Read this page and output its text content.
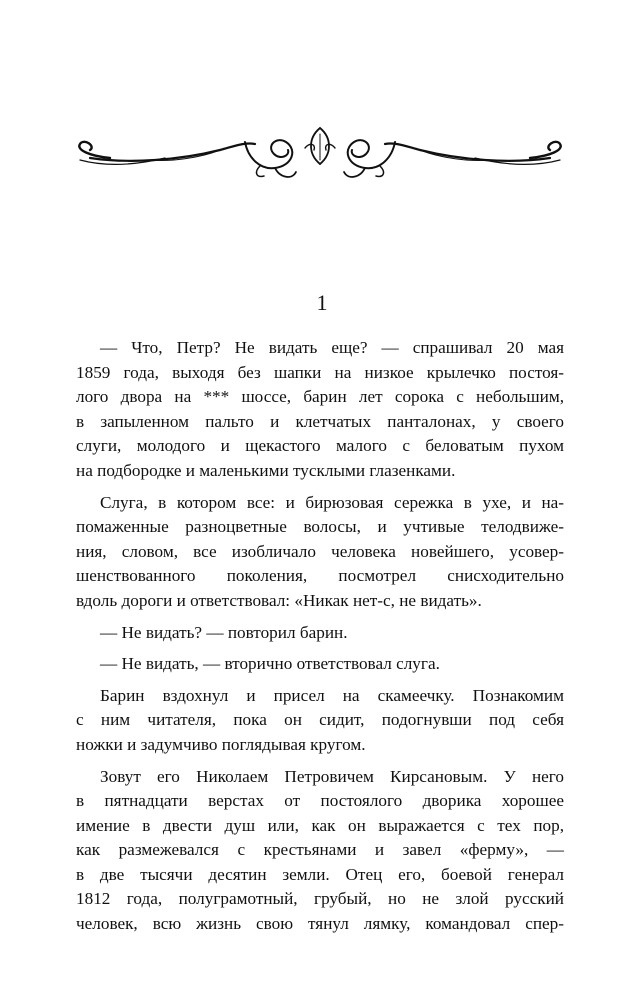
1
— Что, Петр? Не видать еще? — спрашивал 20 мая
1859 года, выходя без шапки на низкое крылечко постоя-
лого двора на *** шоссе, барин лет сорока с небольшим,
в запыленном пальто и клетчатых панталонах, у своего
слуги, молодого и щекастого малого с беловатым пухом
на подбородке и маленькими тусклыми глазенками.
Слуга, в котором все: и бирюзовая сережка в ухе, и на-
помаженные разноцветные волосы, и учтивые телодвиже-
ния, словом, все изобличало человека новейшего, усовер-
шенствованного поколения, посмотрел снисходительно
вдоль дороги и ответствовал: «Никак нет-с, не видать».
— Не видать? — повторил барин.
— Не видать, — вторично ответствовал слуга.
Барин вздохнул и присел на скамеечку. Познакомим
с ним читателя, пока он сидит, подогнувши под себя
ножки и задумчиво поглядывая кругом.
Зовут его Николаем Петровичем Кирсановым. У него
в пятнадцати верстах от постоялого дворика хорошее
имение в двести душ или, как он выражается с тех пор,
как размежевался с крестьянами и завел «ферму», —
в две тысячи десятин земли. Отец его, боевой генерал
1812 года, полуграмотный, грубый, но не злой русский
человек, всю жизнь свою тянул лямку, командовал спер-
